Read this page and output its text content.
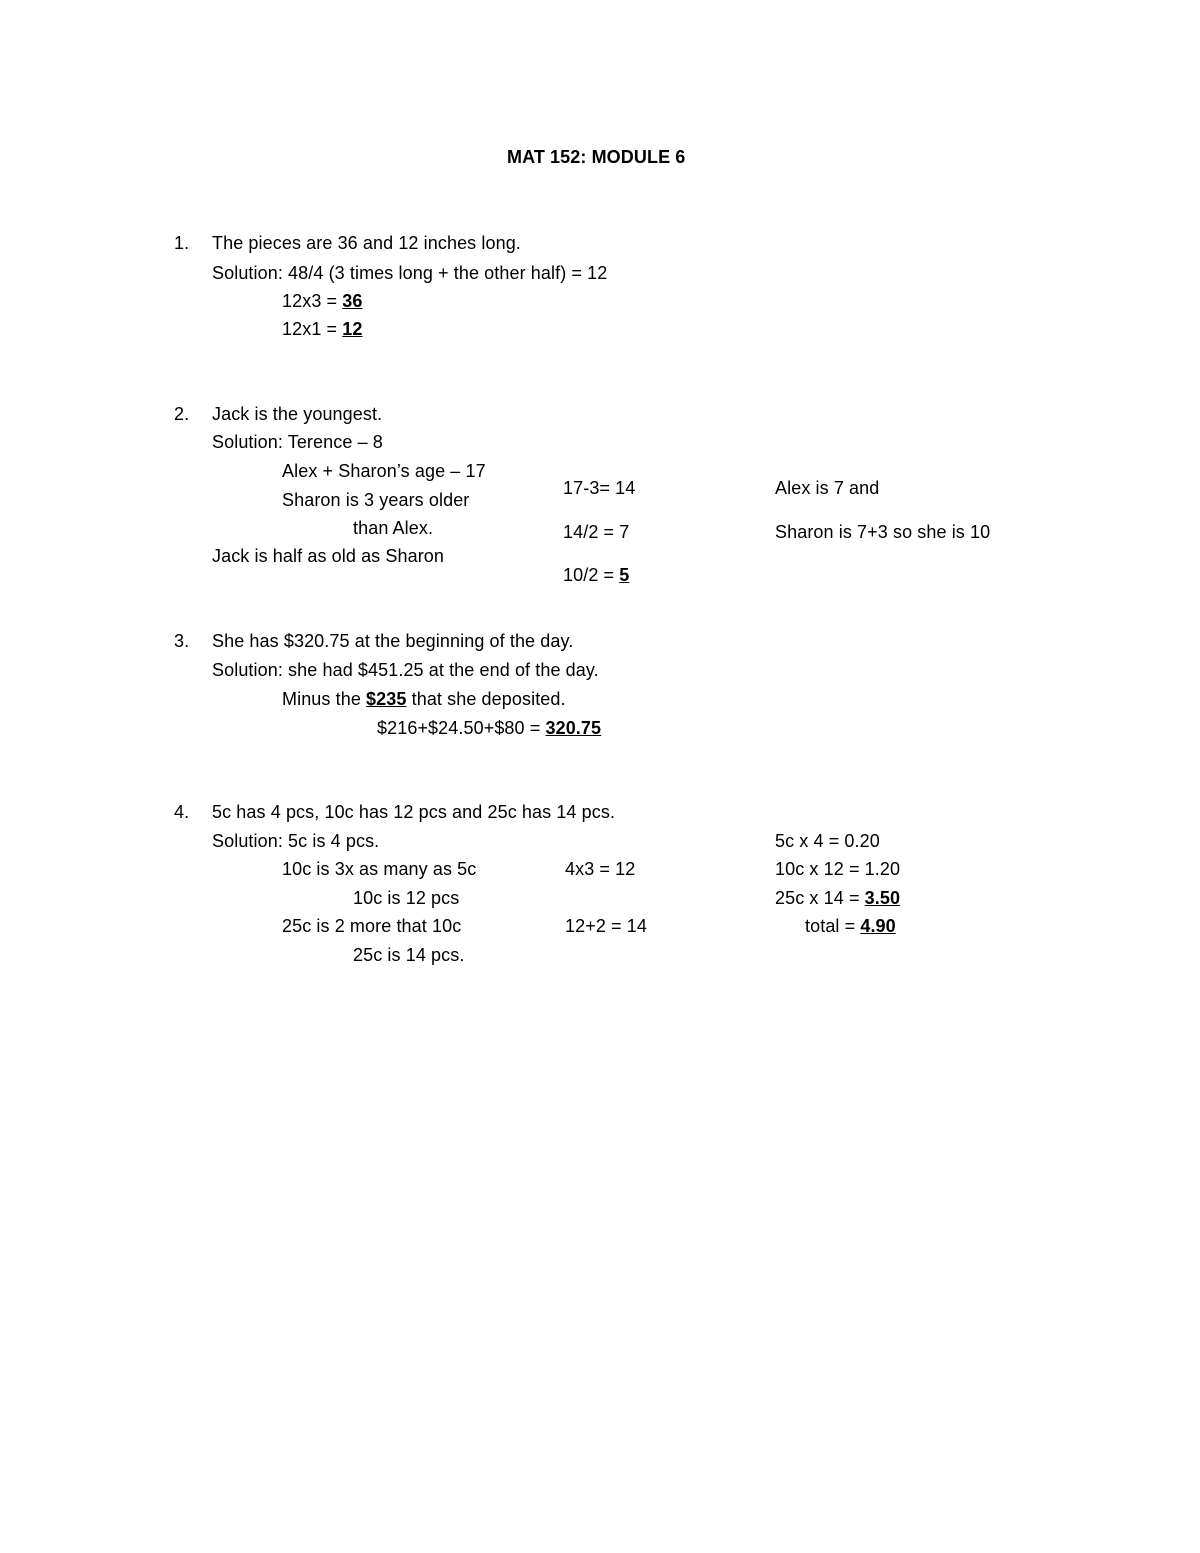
MAT 152: MODULE 6
1. The pieces are 36 and 12 inches long.
Solution: 48/4 (3 times long + the other half) = 12
12x3 = 36
12x1 = 12
2. Jack is the youngest.
Solution: Terence – 8
Alex + Sharon’s age – 17
Sharon is 3 years older
than Alex.
Jack is half as old as Sharon
17-3= 14
14/2 = 7
10/2 = 5
Alex is 7 and
Sharon is 7+3 so she is 10
3. She has $320.75 at the beginning of the day.
Solution: she had $451.25 at the end of the day.
Minus the $235 that she deposited.
$216+$24.50+$80 = 320.75
4. 5c has 4 pcs, 10c has 12 pcs and 25c has 14 pcs.
Solution: 5c is 4 pcs.
10c is 3x as many as 5c
10c is 12 pcs
25c is 2 more that 10c
25c is 14 pcs.
4x3 = 12
12+2 = 14
5c x 4 = 0.20
10c x 12 = 1.20
25c x 14 = 3.50
total = 4.90
